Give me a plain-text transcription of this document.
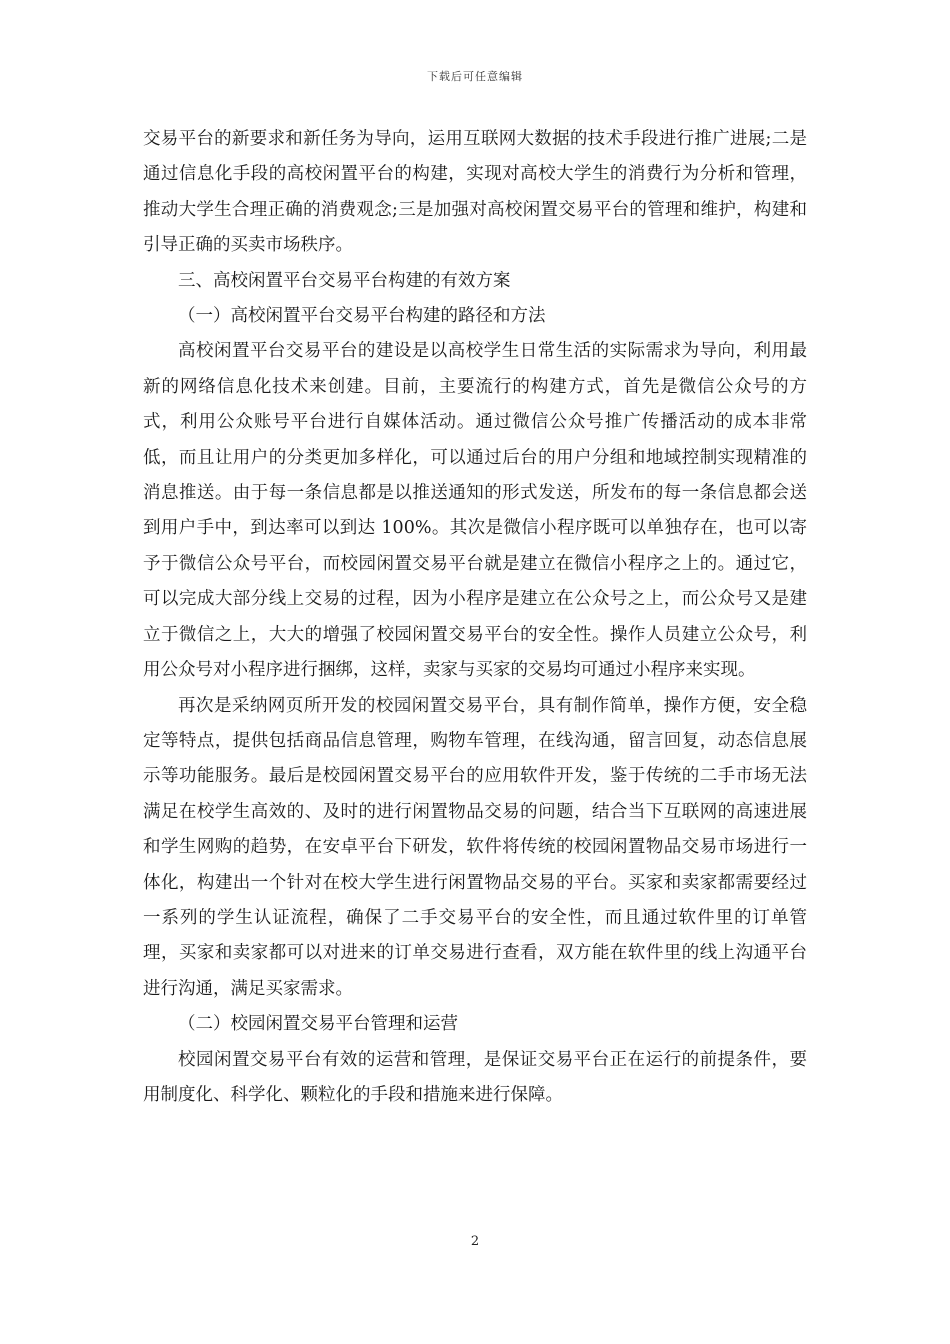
下载后可任意编辑

交易平台的新要求和新任务为导向，运用互联网大数据的技术手段进行推广进展;二是通过信息化手段的高校闲置平台的构建，实现对高校大学生的消费行为分析和管理，推动大学生合理正确的消费观念;三是加强对高校闲置交易平台的管理和维护，构建和引导正确的买卖市场秩序。

三、高校闲置平台交易平台构建的有效方案

（一）高校闲置平台交易平台构建的路径和方法

高校闲置平台交易平台的建设是以高校学生日常生活的实际需求为导向，利用最新的网络信息化技术来创建。目前，主要流行的构建方式，首先是微信公众号的方式，利用公众账号平台进行自媒体活动。通过微信公众号推广传播活动的成本非常低，而且让用户的分类更加多样化，可以通过后台的用户分组和地域控制实现精准的消息推送。由于每一条信息都是以推送通知的形式发送，所发布的每一条信息都会送到用户手中，到达率可以到达 100%。其次是微信小程序既可以单独存在，也可以寄予于微信公众号平台，而校园闲置交易平台就是建立在微信小程序之上的。通过它，可以完成大部分线上交易的过程，因为小程序是建立在公众号之上，而公众号又是建立于微信之上，大大的增强了校园闲置交易平台的安全性。操作人员建立公众号，利用公众号对小程序进行捆绑，这样，卖家与买家的交易均可通过小程序来实现。

再次是采纳网页所开发的校园闲置交易平台，具有制作简单，操作方便，安全稳定等特点，提供包括商品信息管理，购物车管理，在线沟通，留言回复，动态信息展示等功能服务。最后是校园闲置交易平台的应用软件开发，鉴于传统的二手市场无法满足在校学生高效的、及时的进行闲置物品交易的问题，结合当下互联网的高速进展和学生网购的趋势，在安卓平台下研发，软件将传统的校园闲置物品交易市场进行一体化，构建出一个针对在校大学生进行闲置物品交易的平台。买家和卖家都需要经过一系列的学生认证流程，确保了二手交易平台的安全性，而且通过软件里的订单管理，买家和卖家都可以对进来的订单交易进行查看，双方能在软件里的线上沟通平台进行沟通，满足买家需求。

（二）校园闲置交易平台管理和运营

校园闲置交易平台有效的运营和管理，是保证交易平台正在运行的前提条件，要用制度化、科学化、颗粒化的手段和措施来进行保障。

2
